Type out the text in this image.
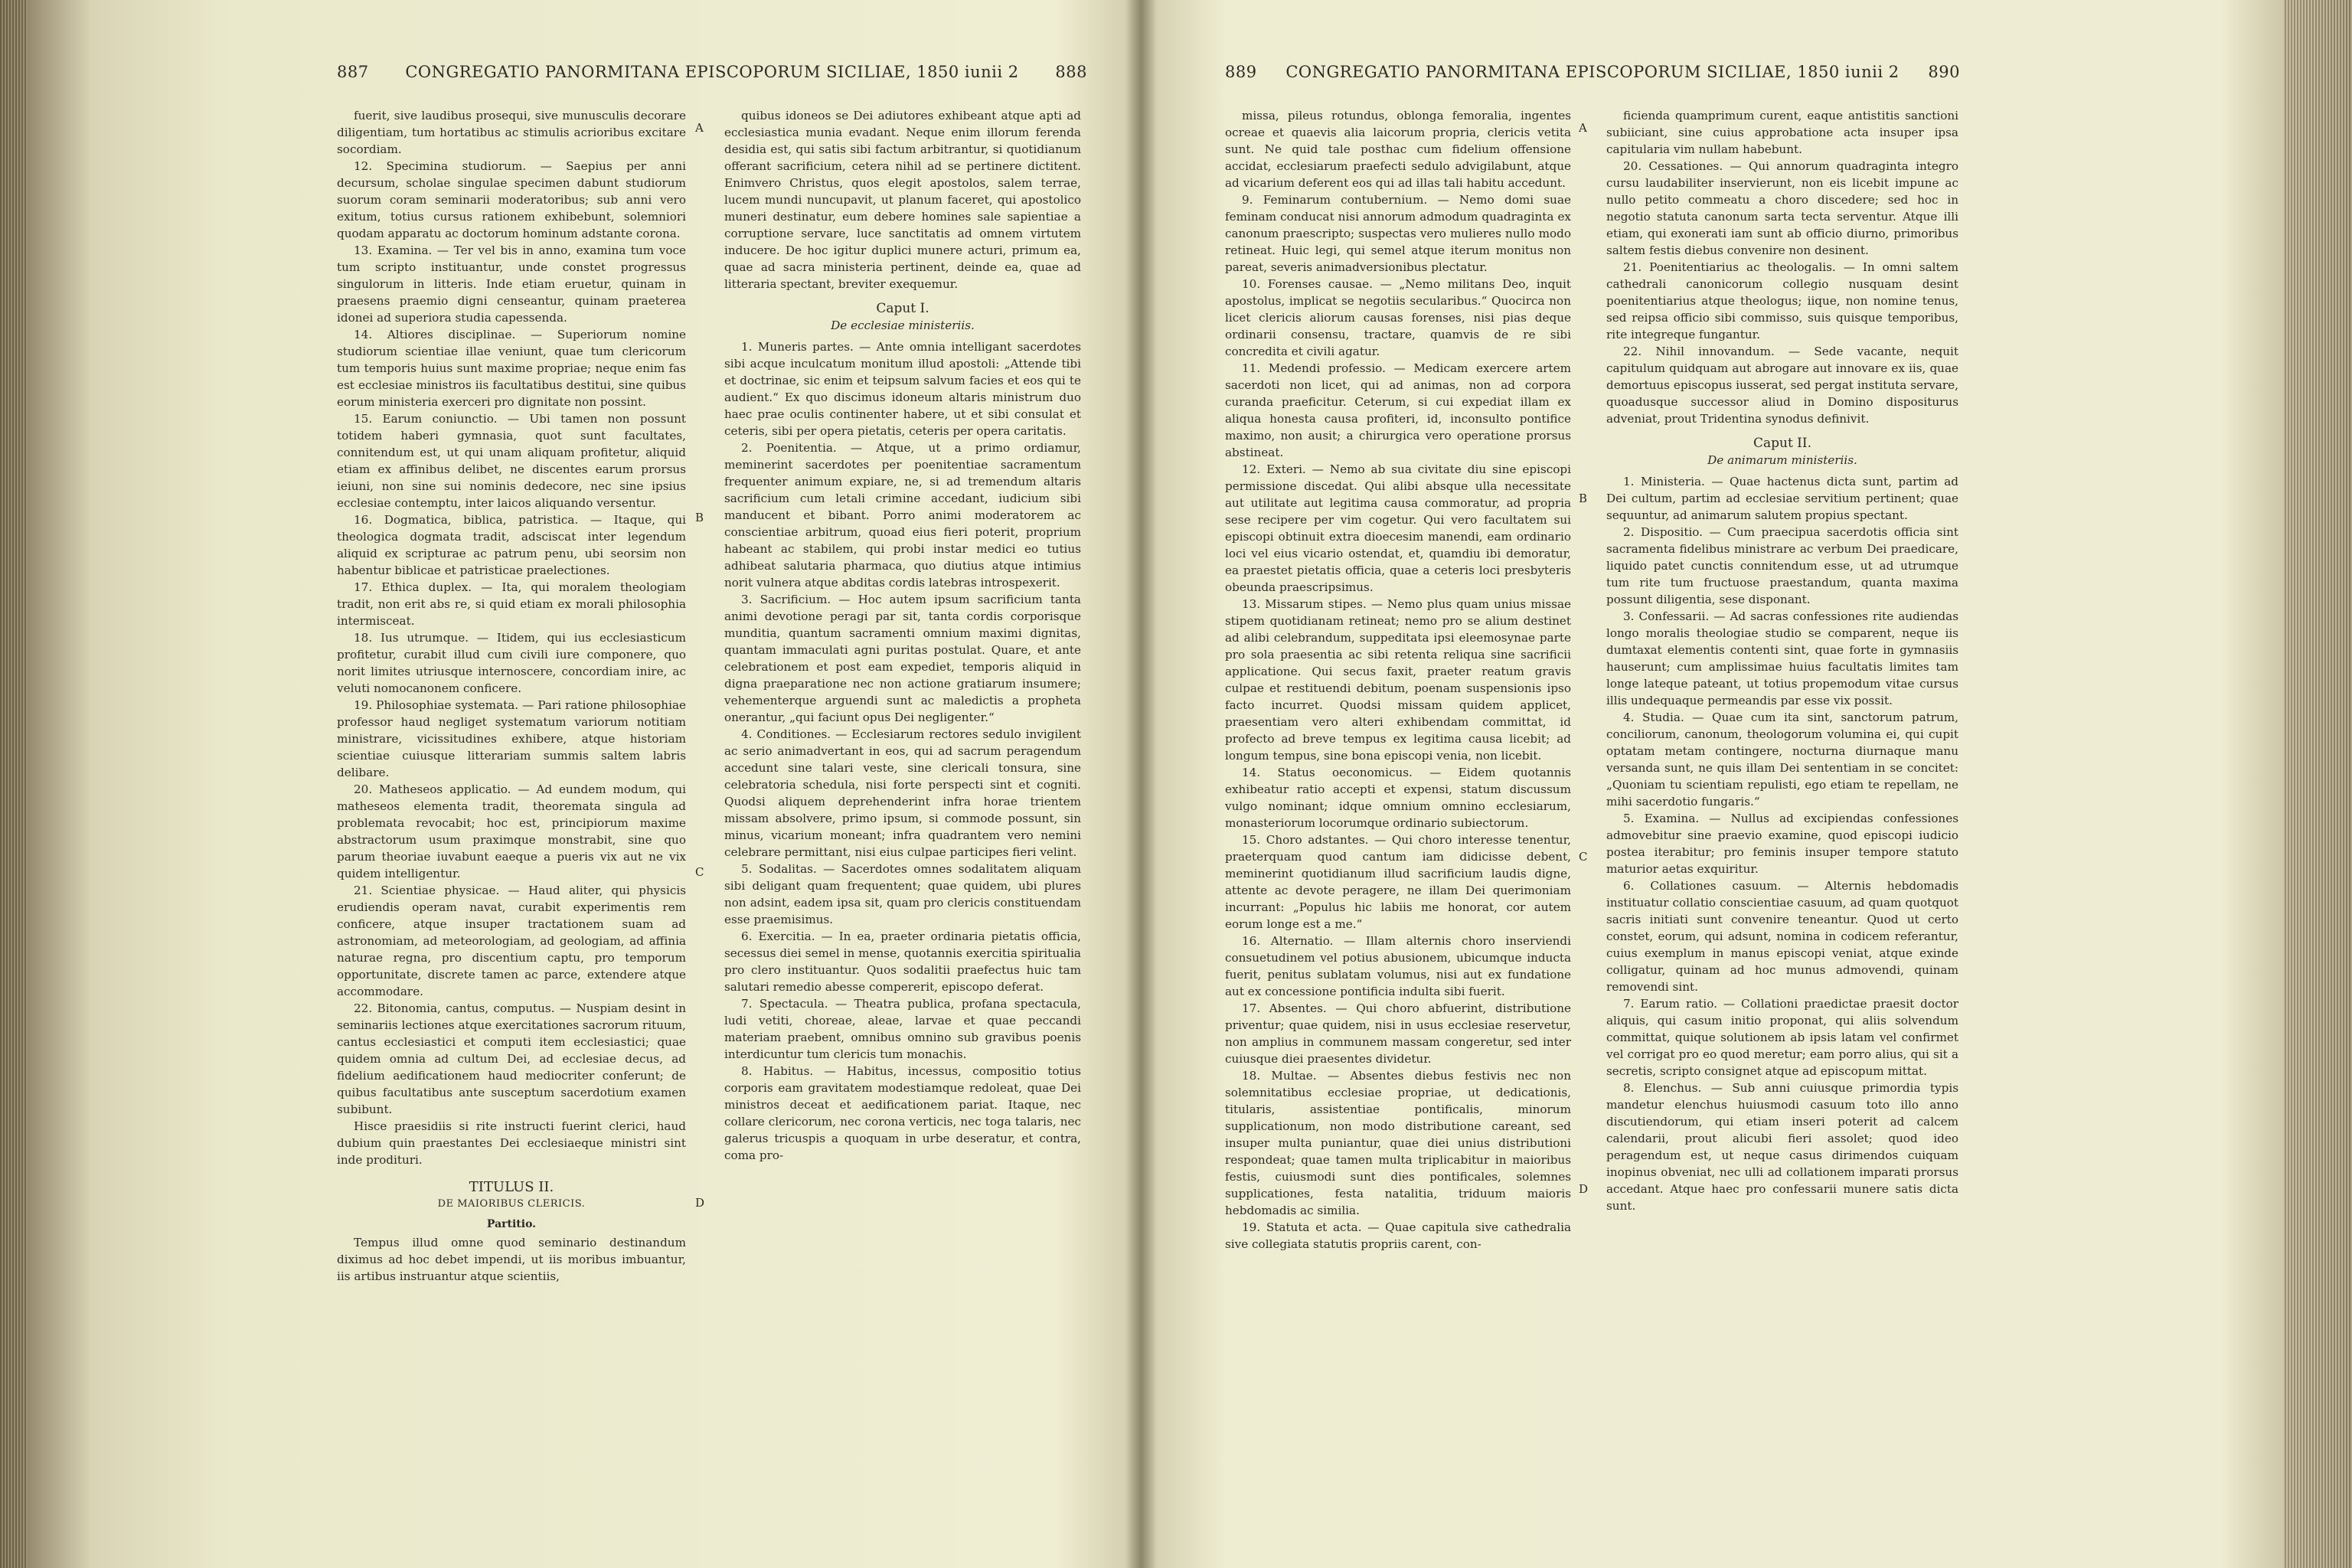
887	CONGREGATIO PANORMITANA EPISCOPORUM SICILIAE, 1850 iunii 2	888

fuerit, sive laudibus prosequi, sive munusculis decorare diligentiam, tum hortatibus ac stimulis acrioribus excitare socordiam.

12. Specimina studiorum. — Saepius per anni decursum, scholae singulae specimen dabunt studiorum suorum coram seminarii moderatoribus; sub anni vero exitum, totius cursus rationem exhibebunt, solemniori quodam apparatu ac doctorum hominum adstante corona.

13. Examina. — Ter vel bis in anno, examina tum voce tum scripto instituantur, unde constet progressus singulorum in litteris. Inde etiam eruetur, quinam in praesens praemio digni censeantur, quinam praeterea idonei ad superiora studia capessenda.

14. Altiores disciplinae. — Superiorum nomine studiorum scientiae illae veniunt, quae tum clericorum tum temporis huius sunt maxime propriae; neque enim fas est ecclesiae ministros iis facultatibus destitui, sine quibus eorum ministeria exerceri pro dignitate non possint.

15. Earum coniunctio. — Ubi tamen non possunt totidem haberi gymnasia, quot sunt facultates, connitendum est, ut qui unam aliquam profitetur, aliquid etiam ex affinibus delibet, ne discentes earum prorsus ieiuni, non sine sui nominis dedecore, nec sine ipsius ecclesiae contemptu, inter laicos aliquando versentur.

16. Dogmatica, biblica, patristica. — Itaque, qui theologica dogmata tradit, adsciscat inter legendum aliquid ex scripturae ac patrum penu, ubi seorsim non habentur biblicae et patristicae praelectiones.

17. Ethica duplex. — Ita, qui moralem theologiam tradit, non erit abs re, si quid etiam ex morali philosophia intermisceat.

18. Ius utrumque. — Itidem, qui ius ecclesiasticum profitetur, curabit illud cum civili iure componere, quo norit limites utriusque internoscere, concordiam inire, ac veluti nomocanonem conficere.

19. Philosophiae systemata. — Pari ratione philosophiae professor haud negliget systematum variorum notitiam ministrare, vicissitudines exhibere, atque historiam scientiae cuiusque litterariam summis saltem labris delibare.

20. Matheseos applicatio. — Ad eundem modum, qui matheseos elementa tradit, theorematа singula ad problemata revocabit; hoc est, principiorum maxime abstractorum usum praximque monstrabit, sine quo parum theoriae iuvabunt eaeque a pueris vix aut ne vix quidem intelligentur.

21. Scientiae physicae. — Haud aliter, qui physicis erudiendis operam navat, curabit experimentis rem conficere, atque insuper tractationem suam ad astronomiam, ad meteorologiam, ad geologiam, ad affinia naturae regna, pro discentium captu, pro temporum opportunitate, discrete tamen ac parce, extendere atque accommodare.

22. Bitonomia, cantus, computus. — Nuspiam desint in seminariis lectiones atque exercitationes sacrorum rituum, cantus ecclesiastici et computi item ecclesiastici; quae quidem omnia ad cultum Dei, ad ecclesiae decus, ad fidelium aedificationem haud mediocriter conferunt; de quibus facultatibus ante susceptum sacerdotium examen subibunt.

Hisce praesidiis si rite instructi fuerint clerici, haud dubium quin praestantes Dei ecclesiaeque ministri sint inde proditurі.

TITULUS II.

DE MAIORIBUS CLERICIS.

Partitio.

Tempus illud omne quod seminario destinandum diximus ad hoc debet impendi, ut iis moribus imbuantur, iis artibus instruantur atque scientiis,

quibus idoneos se Dei adiutores exhibeant atque apti ad ecclesiastica munia evadant. Neque enim illorum ferenda desidia est, qui satis sibi factum arbitrantur, si quotidianum offerant sacrificium, cetera nihil ad se pertinere dictitent. Enimvero Christus, quos elegit apostolos, salem terrae, lucem mundi nuncupavit, ut planum faceret, qui apostolico muneri destinatur, eum debere homines sale sapientiae a corruptione servare, luce sanctitatis ad omnem virtutem inducere. De hoc igitur duplici munere acturi, primum ea, quae ad sacra ministeria pertinent, deinde ea, quae ad litteraria spectant, breviter exequemur.

Caput I.

De ecclesiae ministeriis.

1. Muneris partes. — Ante omnia intelligant sacerdotes sibi acque inculcatum monitum illud apostoli: „Attende tibi et doctrinae, sic enim et teipsum salvum facies et eos qui te audient.“ Ex quo discimus idoneum altaris ministrum duo haec prae oculis continenter habere, ut et sibi consulat et ceteris, sibi per opera pietatis, ceteris per opera caritatis.

2. Poenitentia. — Atque, ut a primo ordiamur, meminerint sacerdotes per poenitentiae sacramentum frequenter animum expiare, ne, si ad tremendum altaris sacrificium cum letali crimine accedant, iudicium sibi manducent et bibant. Porro animi moderatorem ac conscientiae arbitrum, quoad eius fieri poterit, proprium habeant ac stabilem, qui probi instar medici eo tutius adhibeat salutaria pharmaca, quo diutius atque intimius norit vulnera atque abditas cordis latebras introspexerit.

3. Sacrificium. — Hoc autem ipsum sacrificium tanta animi devotione peragi par sit, tanta cordis corporisque munditia, quantum sacramenti omnium maximi dignitas, quantam immaculati agni puritas postulat. Quare, et ante celebrationem et post eam expediet, temporis aliquid in digna praeparatione nec non actione gratiarum insumere; vehementerque arguendi sunt ac maledictis a propheta onerantur, „qui faciunt opus Dei negligenter.“

4. Conditiones. — Ecclesiarum rectores sedulo invigilent ac serio animadvertant in eos, qui ad sacrum peragendum accedunt sine talari veste, sine clericali tonsura, sine celebratoria schedula, nisi forte perspecti sint et cogniti. Quodsi aliquem deprehenderint infra horae trientem missam absolvere, primo ipsum, si commode possunt, sin minus, vicarium moneant; infra quadrantem vero nemini celebrare permittant, nisi eius culpae participes fieri velint.

5. Sodalitas. — Sacerdotes omnes sodalitatem aliquam sibi deligant quam frequentent; quae quidem, ubi plures non adsint, eadem ipsa sit, quam pro clericis constituendam esse praemisimus.

6. Exercitia. — In ea, praeter ordinaria pietatis officia, secessus diei semel in mense, quotannis exercitia spiritualia pro clero instituantur. Quos sodalitiі praefectus huic tam salutari remedio abesse compererit, episcopo deferat.

7. Spectacula. — Theatra publica, profana spectacula, ludi vetiti, choreae, aleae, larvae et quae peccandi materiam praebent, omnibus omnino sub gravibus poenis interdicuntur tum clericis tum monachis.

8. Habitus. — Habitus, incessus, compositio totius corporis eam gravitatem modestiamque redoleat, quae Dei ministros deceat et aedificationem pariat. Itaque, nec collare clericorum, nec corona verticis, nec toga talaris, nec galerus tricuspis a quoquam in urbe deseratur, et contra, coma pro-

A
B
C
D
889	CONGREGATIO PANORMITANA EPISCOPORUM SICILIAE, 1850 iunii 2	890

missa, pileus rotundus, oblonga femoralia, ingentes ocreae et quaevis alia laicorum propria, clericis vetita sunt. Ne quid tale posthac cum fidelium offensione accidat, ecclesiarum praefecti sedulo advigilabunt, atque ad vicarium deferent eos qui ad illas tali habitu accedunt.

9. Feminarum contubernium. — Nemo domi suae feminam conducat nisi annorum admodum quadraginta ex canonum praescripto; suspectas vero mulieres nullo modo retineat. Huic legi, qui semel atque iterum monitus non pareat, severis animadversionibus plectatur.

10. Forenses causae. — „Nemo militans Deo, inquit apostolus, implicat se negotiis secularibus.“ Quocirca non licet clericis aliorum causas forenses, nisi pias deque ordinarii consensu, tractare, quamvis de re sibi concredita et civili agatur.

11. Medendi professio. — Medicam exercere artem sacerdoti non licet, qui ad animas, non ad corpora curanda praeficitur. Ceterum, si cui expediat illam ex aliqua honesta causa profiteri, id, inconsulto pontifice maximo, non ausit; a chirurgica vero operatione prorsus abstineat.

12. Exteri. — Nemo ab sua civitate diu sine episcopi permissione discedat. Qui alibi absque ulla necessitate aut utilitate aut legitima causa commoratur, ad propria sese recipere per vim cogetur. Qui vero facultatem sui episcopi obtinuit extra dioecesim manendi, eam ordinario loci vel eius vicario ostendat, et, quamdiu ibi demoratur, ea praestet pietatis officia, quae a ceteris loci presbyteris obeunda praescripsimus.

13. Missarum stipes. — Nemo plus quam unius missae stipem quotidianam retineat; nemo pro se alium destinet ad alibi celebrandum, suppeditata ipsi eleemosynae parte pro sola praesentia ac sibi retenta reliqua sine sacrificii applicatione. Qui secus faxit, praeter reatum gravis culpae et restituendi debitum, poenam suspensionis ipso facto incurret. Quodsi missam quidem applicet, praesentiam vero alteri exhibendam committat, id profecto ad breve tempus ex legitima causa licebit; ad longum tempus, sine bona episcopi venia, non licebit.

14. Status oeconomicus. — Eidem quotannis exhibeatur ratio accepti et expensi, statum discussum vulgo nominant; idque omnium omnino ecclesiarum, monasteriorum locorumque ordinario subiectorum.

15. Choro adstantes. — Qui choro interesse tenentur, praeterquam quod cantum iam didicisse debent, meminerint quotidianum illud sacrificium laudis digne, attente ac devote peragere, ne illam Dei querimoniam incurrant: „Populus hic labiis me honorat, cor autem eorum longe est a me.“

16. Alternatio. — Illam alternis choro inserviendi consuetudinem vel potius abusionem, ubicumque inducta fuerit, penitus sublatam volumus, nisi aut ex fundatione aut ex concessione pontificia indulta sibi fuerit.

17. Absentes. — Qui choro abfuerint, distributione priventur; quae quidem, nisi in usus ecclesiae reservetur, non amplius in communem massam congeretur, sed inter cuiusque diei praesentes dividetur.

18. Multae. — Absentes diebus festivis nec non solemnitatibus ecclesiae propriae, ut dedicationis, titularis, assistentiae pontificalis, minorum suppliсationum, non modo distributione careant, sed insuper multa puniantur, quae diei unius distributioni respondeat; quae tamen multa triplicabitur in maioribus festis, cuiusmodi sunt dies pontificales, solemnes supplicationes, festa natalitia, triduum maioris hebdomadis ac similia.

19. Statuta et acta. — Quae capitula sive cathedralia sive collegiata statutis propriis carent, con-

ficienda quamprimum curent, eaque antistitis sanctioni subiiciant, sine cuius approbatione acta insuper ipsa capitularia vim nullam habebunt.

20. Cessationes. — Qui annorum quadraginta integro cursu laudabiliter inservierunt, non eis licebit impune ac nullo petito commeatu a choro discedere; sed hoc in negotio statuta canonum sarta tecta serventur. Atque illi etiam, qui exonerati iam sunt ab officio diurno, primoribus saltem festis diebus convenire non desinent.

21. Poenitentiarius ac theologalis. — In omni saltem cathedrali canonicorum collegio nusquam desint poenitentiarius atque theologus; iique, non nomine tenus, sed reipsa officio sibi commisso, suis quisque temporibus, rite integreque fungantur.

22. Nihil innovandum. — Sede vacante, nequit capitulum quidquam aut abrogare aut innovare ex iis, quae demortuus episcopus iusserat, sed pergat instituta servare, quoadusque successor aliud in Domino dispositurus adveniat, prout Tridentina synodus definivit.

Caput II.

De animarum ministeriis.

1. Ministeria. — Quae hactenus dicta sunt, partim ad Dei cultum, partim ad ecclesiae servitium pertinent; quae sequuntur, ad animarum salutem propius spectant.

2. Dispositio. — Cum praecipua sacerdotis officia sint sacramenta fidelibus ministrare ac verbum Dei praedicare, liquido patet cunctis connitendum esse, ut ad utrumque tum rite tum fructuose praestandum, quanta maxima possunt diligentia, sese disponant.

3. Confessarii. — Ad sacras confessiones rite audiendas longo moralis theologiae studio se comparent, neque iis dumtaxat elementis contenti sint, quae forte in gymnasiis hauserunt; cum amplissimae huius facultatis limites tam longe lateque pateant, ut totius propemodum vitae cursus illis undequaque permeandis par esse vix possit.

4. Studia. — Quae cum ita sint, sanctorum patrum, conciliorum, canonum, theologorum volumina ei, qui cupit optatam metam contingere, nocturna diurnaque manu versanda sunt, ne quis illam Dei sententiam in se concitet: „Quoniam tu scientiam repulisti, ego etiam te repellam, ne mihi sacerdotio fungaris.“

5. Examina. — Nullus ad excipiendas confessiones admovebitur sine praevio examine, quod episcopi iudicio postea iterabitur; pro feminis insuper tempore statuto maturior aetas exquiritur.

6. Collationes casuum. — Alternis hebdomadis instituatur collatio conscientiae casuum, ad quam quotquot sacris initiati sunt convenire teneantur. Quod ut certo constet, eorum, qui adsunt, nomina in codicem referantur, cuius exemplum in manus episcopi veniat, atque exinde colligatur, quinam ad hoc munus admovendi, quinam removendi sint.

7. Earum ratio. — Collationi praedictae praesit doctor aliquis, qui casum initio proponat, qui aliis solvendum committat, quique solutionem ab ipsis latam vel confirmet vel corrigat pro eo quod meretur; eam porro alius, qui sit a secretis, scripto consignet atque ad episcopum mittat.

8. Elenchus. — Sub anni cuiusque primordia typis mandetur elenchus huiusmodi casuum toto illo anno discutiendorum, qui etiam inseri poterit ad calcem calendarii, prout alicubi fieri assolet; quod ideo peragendum est, ut neque casus dirimendos cuiquam inopinus obveniat, nec ulli ad collationem imparati prorsus accedant. Atque haec pro confessarii munere satis dicta sunt.

A
B
C
D
